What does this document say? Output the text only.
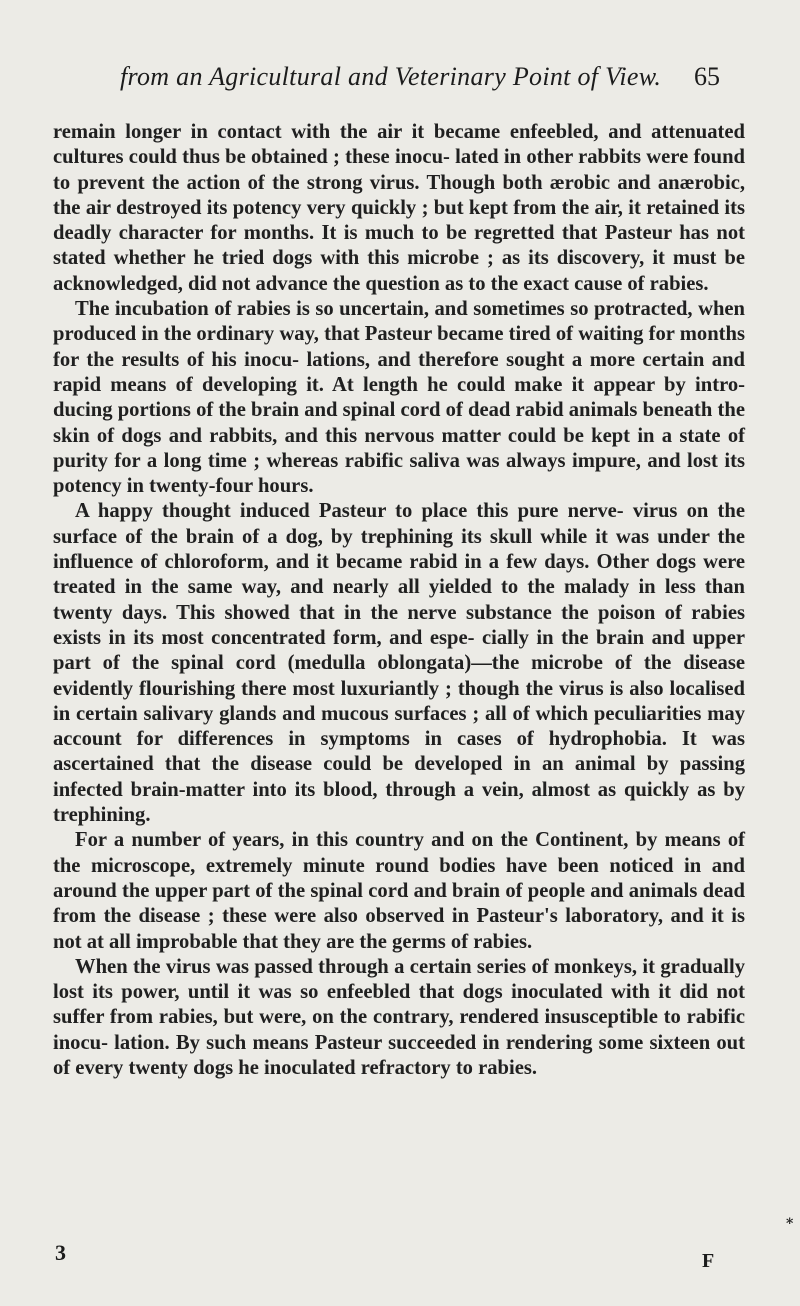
from an Agricultural and Veterinary Point of View. 65

remain longer in contact with the air it became enfeebled, and attenuated cultures could thus be obtained ; these inocu- lated in other rabbits were found to prevent the action of the strong virus. Though both ærobic and anærobic, the air destroyed its potency very quickly ; but kept from the air, it retained its deadly character for months. It is much to be regretted that Pasteur has not stated whether he tried dogs with this microbe ; as its discovery, it must be acknowledged, did not advance the question as to the exact cause of rabies.

The incubation of rabies is so uncertain, and sometimes so protracted, when produced in the ordinary way, that Pasteur became tired of waiting for months for the results of his inocu- lations, and therefore sought a more certain and rapid means of developing it. At length he could make it appear by intro- ducing portions of the brain and spinal cord of dead rabid animals beneath the skin of dogs and rabbits, and this nervous matter could be kept in a state of purity for a long time ; whereas rabific saliva was always impure, and lost its potency in twenty-four hours.

A happy thought induced Pasteur to place this pure nerve- virus on the surface of the brain of a dog, by trephining its skull while it was under the influence of chloroform, and it became rabid in a few days. Other dogs were treated in the same way, and nearly all yielded to the malady in less than twenty days. This showed that in the nerve substance the poison of rabies exists in its most concentrated form, and espe- cially in the brain and upper part of the spinal cord (medulla oblongata)—the microbe of the disease evidently flourishing there most luxuriantly ; though the virus is also localised in certain salivary glands and mucous surfaces ; all of which peculiarities may account for differences in symptoms in cases of hydrophobia. It was ascertained that the disease could be developed in an animal by passing infected brain-matter into its blood, through a vein, almost as quickly as by trephining.

For a number of years, in this country and on the Continent, by means of the microscope, extremely minute round bodies have been noticed in and around the upper part of the spinal cord and brain of people and animals dead from the disease ; these were also observed in Pasteur's laboratory, and it is not at all improbable that they are the germs of rabies.

When the virus was passed through a certain series of monkeys, it gradually lost its power, until it was so enfeebled that dogs inoculated with it did not suffer from rabies, but were, on the contrary, rendered insusceptible to rabific inocu- lation. By such means Pasteur succeeded in rendering some sixteen out of every twenty dogs he inoculated refractory to rabies.

3	F
*
